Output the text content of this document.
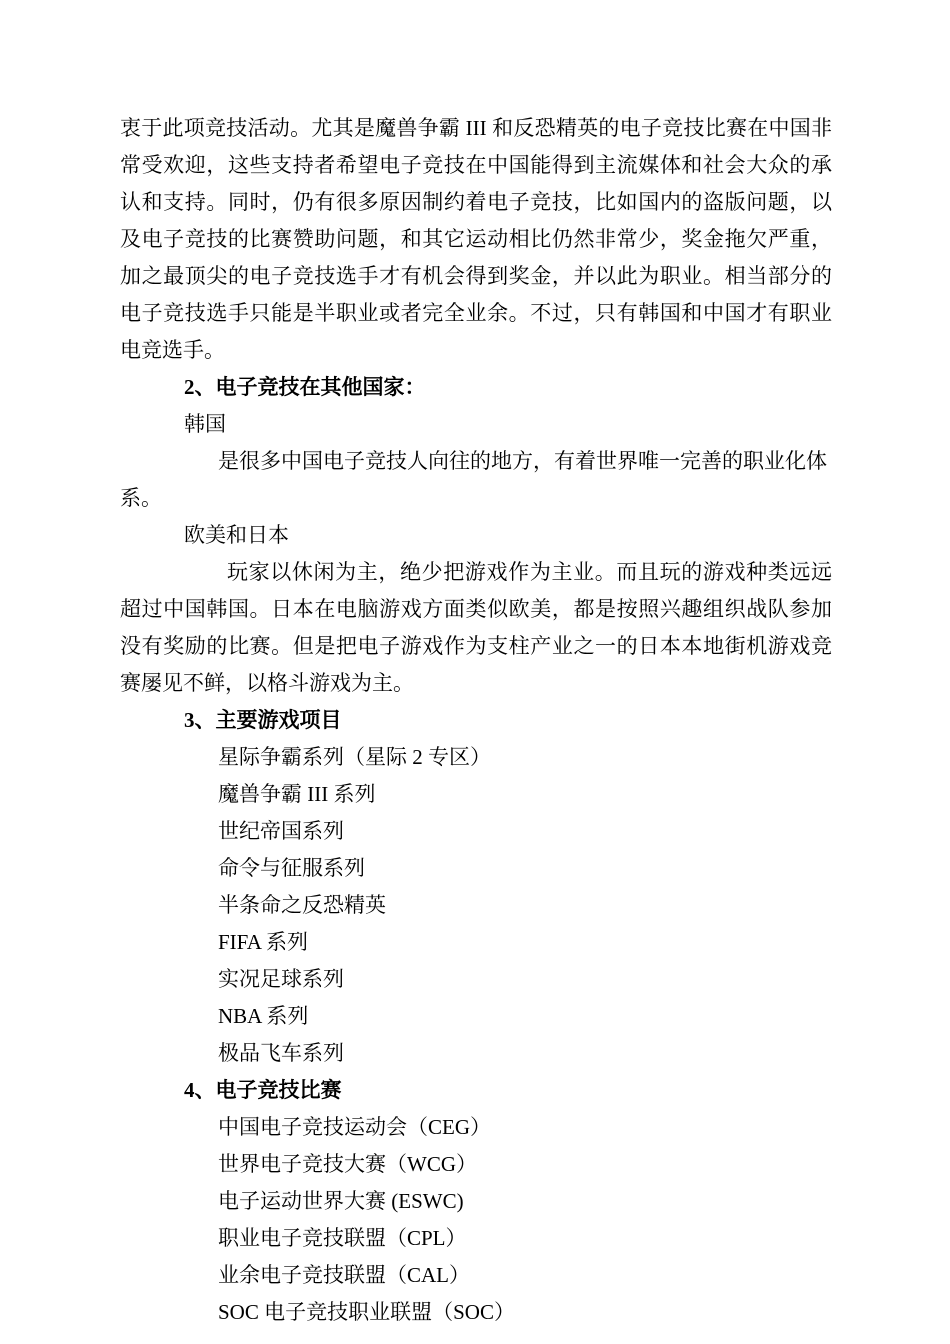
衷于此项竞技活动。尤其是魔兽争霸 III 和反恐精英的电子竞技比赛在中国非常受欢迎，这些支持者希望电子竞技在中国能得到主流媒体和社会大众的承认和支持。同时，仍有很多原因制约着电子竞技，比如国内的盗版问题，以及电子竞技的比赛赞助问题，和其它运动相比仍然非常少，奖金拖欠严重，加之最顶尖的电子竞技选手才有机会得到奖金，并以此为职业。相当部分的电子竞技选手只能是半职业或者完全业余。不过，只有韩国和中国才有职业电竞选手。

2、电子竞技在其他国家：

韩国

是很多中国电子竞技人向往的地方，有着世界唯一完善的职业化体系。

欧美和日本

玩家以休闲为主，绝少把游戏作为主业。而且玩的游戏种类远远超过中国韩国。日本在电脑游戏方面类似欧美，都是按照兴趣组织战队参加没有奖励的比赛。但是把电子游戏作为支柱产业之一的日本本地街机游戏竞赛屡见不鲜，以格斗游戏为主。

3、主要游戏项目

星际争霸系列（星际 2 专区）

魔兽争霸 III 系列

世纪帝国系列

命令与征服系列

半条命之反恐精英

FIFA 系列

实况足球系列

NBA 系列

极品飞车系列

4、电子竞技比赛

中国电子竞技运动会（CEG）

世界电子竞技大赛（WCG）

电子运动世界大赛 (ESWC)

职业电子竞技联盟（CPL）

业余电子竞技联盟（CAL）

SOC 电子竞技职业联盟（SOC）
